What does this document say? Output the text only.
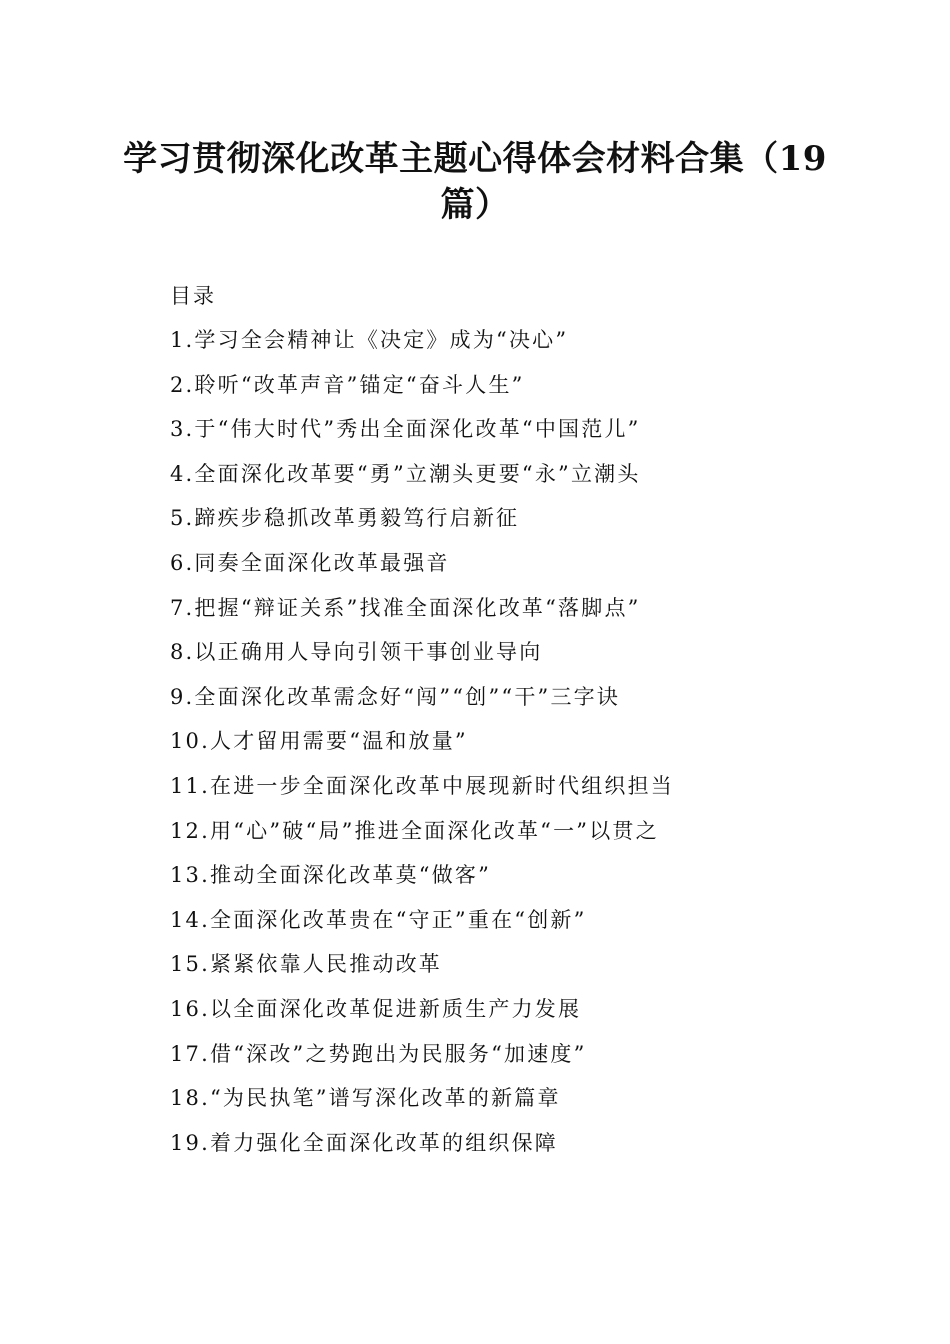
学习贯彻深化改革主题心得体会材料合集（19篇）
目录
1.学习全会精神让《决定》成为“决心”
2.聆听“改革声音”锚定“奋斗人生”
3.于“伟大时代”秀出全面深化改革“中国范儿”
4.全面深化改革要“勇”立潮头更要“永”立潮头
5.蹄疾步稳抓改革勇毅笃行启新征
6.同奏全面深化改革最强音
7.把握“辩证关系”找准全面深化改革“落脚点”
8.以正确用人导向引领干事创业导向
9.全面深化改革需念好“闯”“创”“干”三字诀
10.人才留用需要“温和放量”
11.在进一步全面深化改革中展现新时代组织担当
12.用“心”破“局”推进全面深化改革“一”以贯之
13.推动全面深化改革莫“做客”
14.全面深化改革贵在“守正”重在“创新”
15.紧紧依靠人民推动改革
16.以全面深化改革促进新质生产力发展
17.借“深改”之势跑出为民服务“加速度”
18.“为民执笔”谱写深化改革的新篇章
19.着力强化全面深化改革的组织保障
